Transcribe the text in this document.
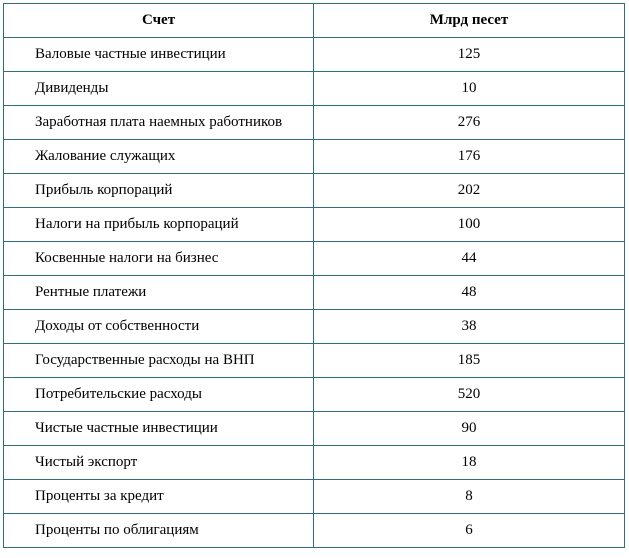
Счет	Млрд песет
Валовые частные инвестиции	125
Дивиденды	10
Заработная плата наемных работников	276
Жалование служащих	176
Прибыль корпораций	202
Налоги на прибыль корпораций	100
Косвенные налоги на бизнес	44
Рентные платежи	48
Доходы от собственности	38
Государственные расходы на ВНП	185
Потребительские расходы	520
Чистые частные инвестиции	90
Чистый экспорт	18
Проценты за кредит	8
Проценты по облигациям	6
